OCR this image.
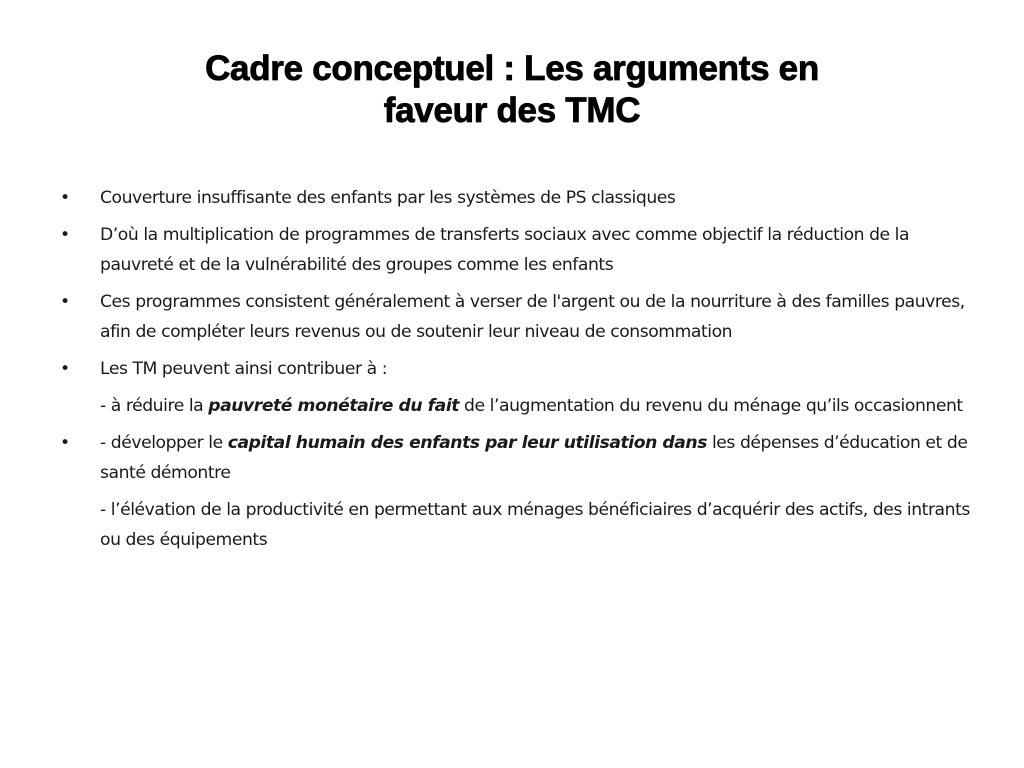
Cadre conceptuel : Les arguments en
faveur des TMC
• Couverture insuffisante des enfants par les systèmes de PS classiques
• D’où la multiplication de programmes de transferts sociaux avec comme objectif la réduction de la pauvreté et de la vulnérabilité des groupes comme les enfants
• Ces programmes consistent généralement à verser de l'argent ou de la nourriture à des familles pauvres, afin de compléter leurs revenus ou de soutenir leur niveau de consommation
• Les TM peuvent ainsi contribuer à :
- à réduire la pauvreté monétaire du fait de l’augmentation du revenu du ménage qu’ils occasionnent
• - développer le capital humain des enfants par leur utilisation dans les dépenses d’éducation et de santé démontre
- l’élévation de la productivité en permettant aux ménages bénéficiaires d’acquérir des actifs, des intrants ou des équipements
